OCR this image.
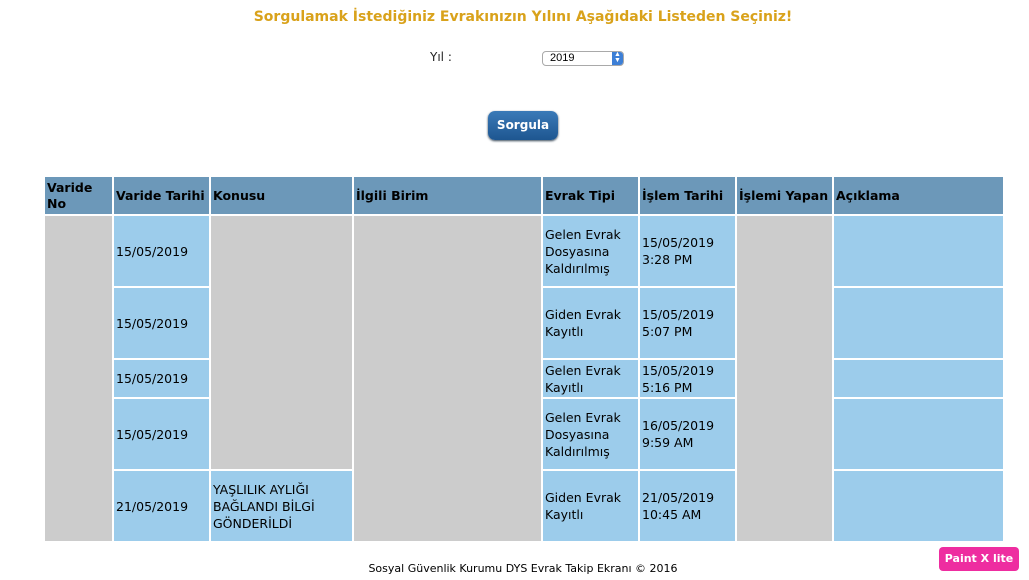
Sorgulamak İstediğiniz Evrakınızın Yılını Aşağıdaki Listeden Seçiniz!
Yıl :	2019	▲
▼
Sorgula
Varide No	Varide Tarihi	Konusu	İlgili Birim	Evrak Tipi	İşlem Tarihi	İşlemi Yapan	Açıklama
	15/05/2019			Gelen Evrak Dosyasına Kaldırılmış	15/05/2019 3:28 PM		
	15/05/2019			Giden Evrak Kayıtlı	15/05/2019 5:07 PM		
	15/05/2019			Gelen Evrak Kayıtlı	15/05/2019 5:16 PM		
	15/05/2019			Gelen Evrak Dosyasına Kaldırılmış	16/05/2019 9:59 AM		
	21/05/2019	YAŞLILIK AYLIĞI BAĞLANDI BİLGİ GÖNDERİLDİ		Giden Evrak Kayıtlı	21/05/2019 10:45 AM		
Sosyal Güvenlik Kurumu DYS Evrak Takip Ekranı © 2016
Paint X lite
